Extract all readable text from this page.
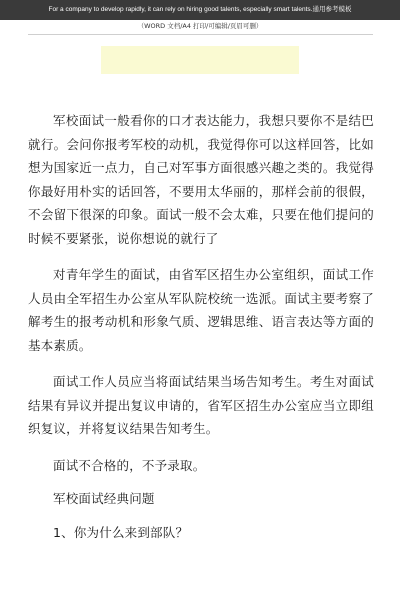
For a company to develop rapidly, it can rely on hiring good talents, especially smart talents.通用参考模板
（WORD 文档/A4 打印/可编辑/页眉可删）

军校面试一般看你的口才表达能力，我想只要你不是结巴就行。会问你报考军校的动机，我觉得你可以这样回答，比如 想为国家近一点力，自己对军事方面很感兴趣之类的。我觉得你最好用朴实的话回答，不要用太华丽的，那样会前的很假，不会留下很深的印象。面试一般不会太难，只要在他们提问的时候不要紧张，说你想说的就行了

对青年学生的面试，由省军区招生办公室组织，面试工作人员由全军招生办公室从军队院校统一选派。面试主要考察了解考生的报考动机和形象气质、逻辑思维、语言表达等方面的基本素质。

面试工作人员应当将面试结果当场告知考生。考生对面试结果有异议并提出复议申请的，省军区招生办公室应当立即组织复议，并将复议结果告知考生。

面试不合格的，不予录取。

军校面试经典问题

1、你为什么来到部队？
